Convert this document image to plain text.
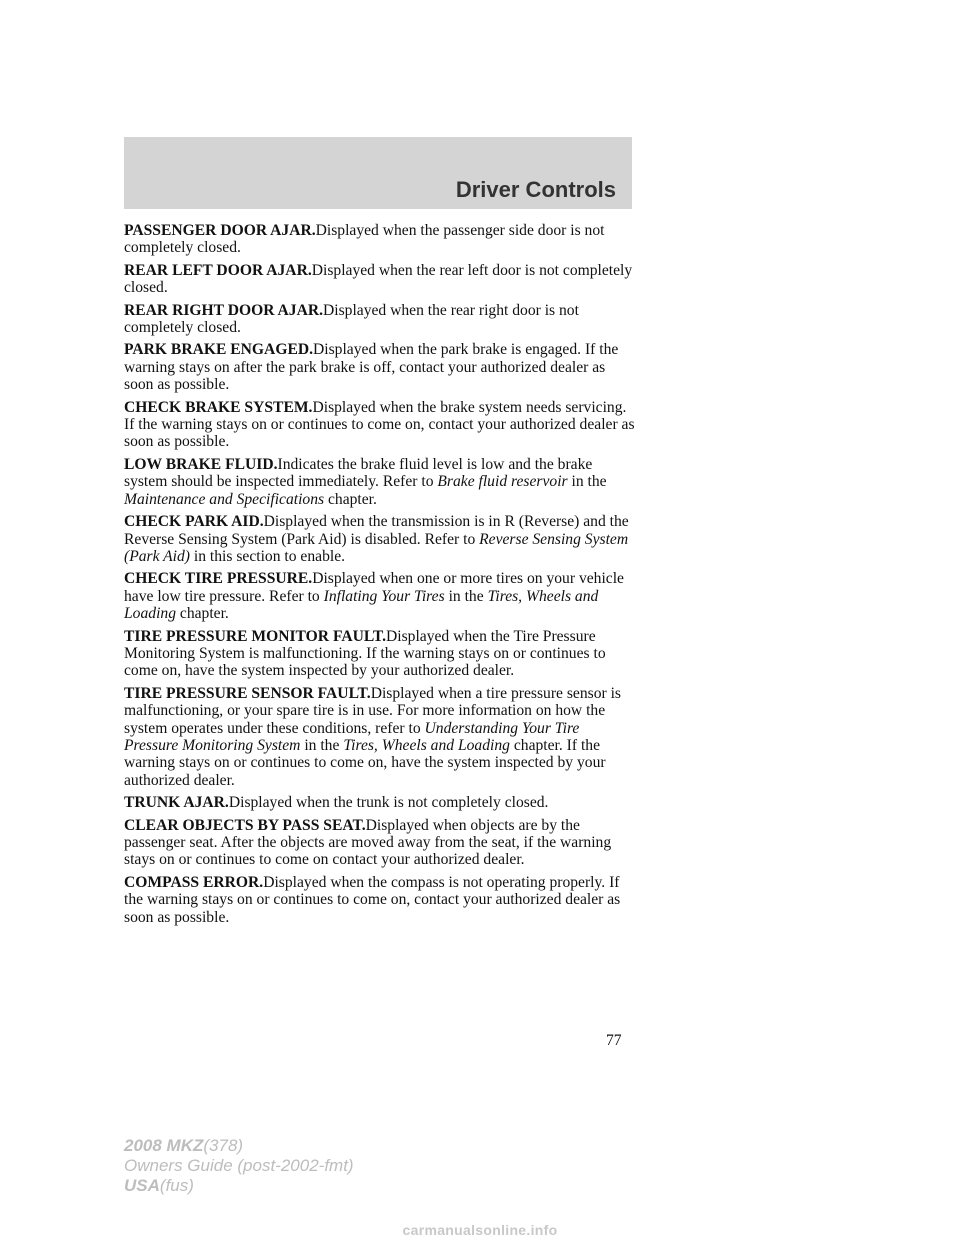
Driver Controls

PASSENGER DOOR AJAR.Displayed when the passenger side door is not completely closed.

REAR LEFT DOOR AJAR.Displayed when the rear left door is not completely closed.

REAR RIGHT DOOR AJAR.Displayed when the rear right door is not completely closed.

PARK BRAKE ENGAGED.Displayed when the park brake is engaged. If the warning stays on after the park brake is off, contact your authorized dealer as soon as possible.

CHECK BRAKE SYSTEM.Displayed when the brake system needs servicing. If the warning stays on or continues to come on, contact your authorized dealer as soon as possible.

LOW BRAKE FLUID.Indicates the brake fluid level is low and the brake system should be inspected immediately. Refer to Brake fluid reservoir in the Maintenance and Specifications chapter.

CHECK PARK AID.Displayed when the transmission is in R (Reverse) and the Reverse Sensing System (Park Aid) is disabled. Refer to Reverse Sensing System (Park Aid) in this section to enable.

CHECK TIRE PRESSURE.Displayed when one or more tires on your vehicle have low tire pressure. Refer to Inflating Your Tires in the Tires, Wheels and Loading chapter.

TIRE PRESSURE MONITOR FAULT.Displayed when the Tire Pressure Monitoring System is malfunctioning. If the warning stays on or continues to come on, have the system inspected by your authorized dealer.

TIRE PRESSURE SENSOR FAULT.Displayed when a tire pressure sensor is malfunctioning, or your spare tire is in use. For more information on how the system operates under these conditions, refer to Understanding Your Tire Pressure Monitoring System in the Tires, Wheels and Loading chapter. If the warning stays on or continues to come on, have the system inspected by your authorized dealer.

TRUNK AJAR.Displayed when the trunk is not completely closed.

CLEAR OBJECTS BY PASS SEAT.Displayed when objects are by the passenger seat. After the objects are moved away from the seat, if the warning stays on or continues to come on contact your authorized dealer.

COMPASS ERROR.Displayed when the compass is not operating properly. If the warning stays on or continues to come on, contact your authorized dealer as soon as possible.

77
2008 MKZ(378)
Owners Guide (post-2002-fmt)
USA(fus)
carmanualsonline.info
